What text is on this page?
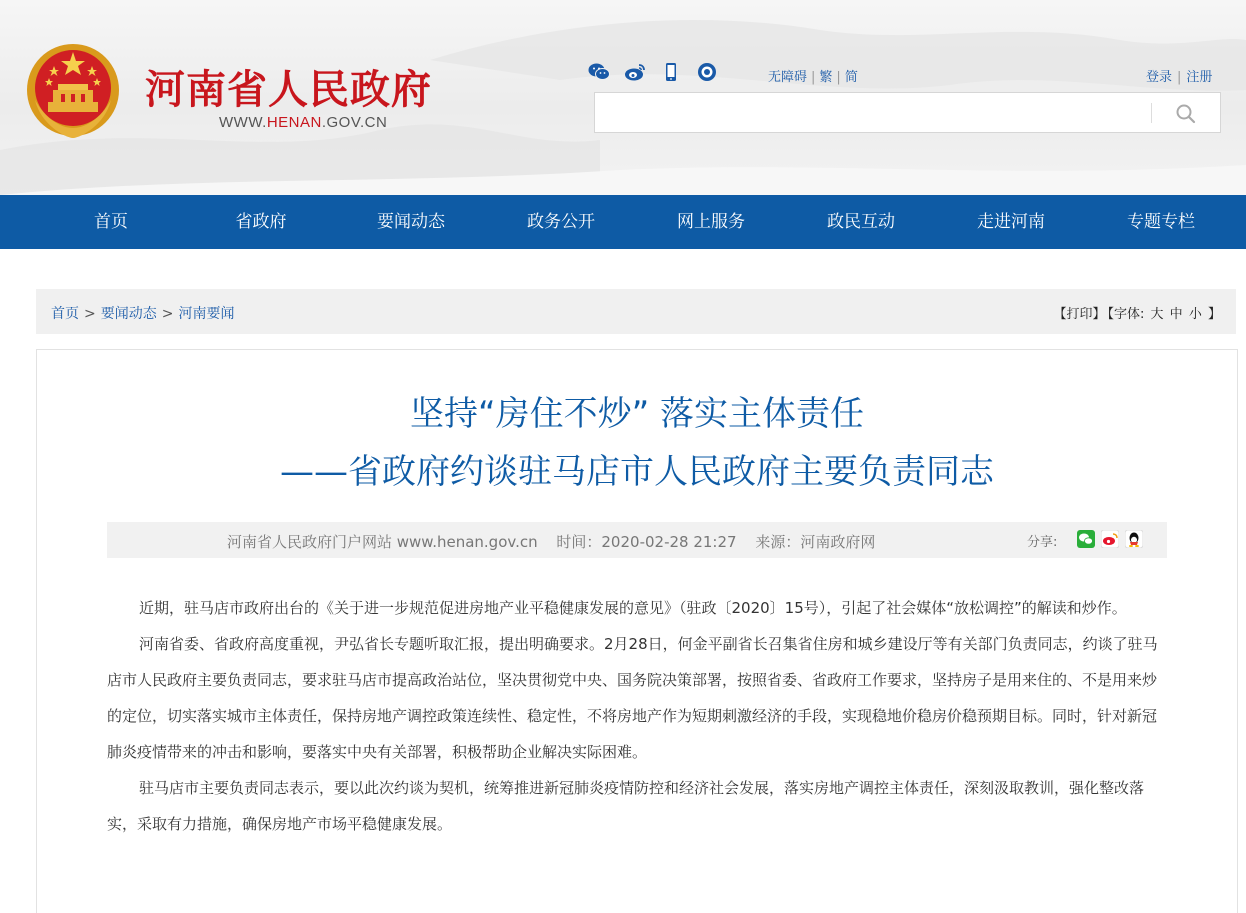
河南省人民政府
WWW.HENAN.GOV.CN
无障碍 | 繁 | 简	登录 | 注册
首页	省政府	要闻动态	政务公开	网上服务	政民互动	走进河南	专题专栏
首页 > 要闻动态 > 河南要闻	【打印】 【字体: 大 中 小 】
坚持“房住不炒” 落实主体责任
——省政府约谈驻马店市人民政府主要负责同志
河南省人民政府门户网站 www.henan.gov.cn 时间：2020-02-28 21:27 来源：河南政府网	分享:

近期，驻马店市政府出台的《关于进一步规范促进房地产业平稳健康发展的意见》（驻政〔2020〕15号），引起了社会媒体“放松调控”的解读和炒作。

河南省委、省政府高度重视，尹弘省长专题听取汇报，提出明确要求。2月28日，何金平副省长召集省住房和城乡建设厅等有关部门负责同志，约谈了驻马店市人民政府主要负责同志，要求驻马店市提高政治站位，坚决贯彻党中央、国务院决策部署，按照省委、省政府工作要求，坚持房子是用来住的、不是用来炒的定位，切实落实城市主体责任，保持房地产调控政策连续性、稳定性，不将房地产作为短期刺激经济的手段，实现稳地价稳房价稳预期目标。同时，针对新冠肺炎疫情带来的冲击和影响，要落实中央有关部署，积极帮助企业解决实际困难。

驻马店市主要负责同志表示，要以此次约谈为契机，统筹推进新冠肺炎疫情防控和经济社会发展，落实房地产调控主体责任，深刻汲取教训，强化整改落实，采取有力措施，确保房地产市场平稳健康发展。
